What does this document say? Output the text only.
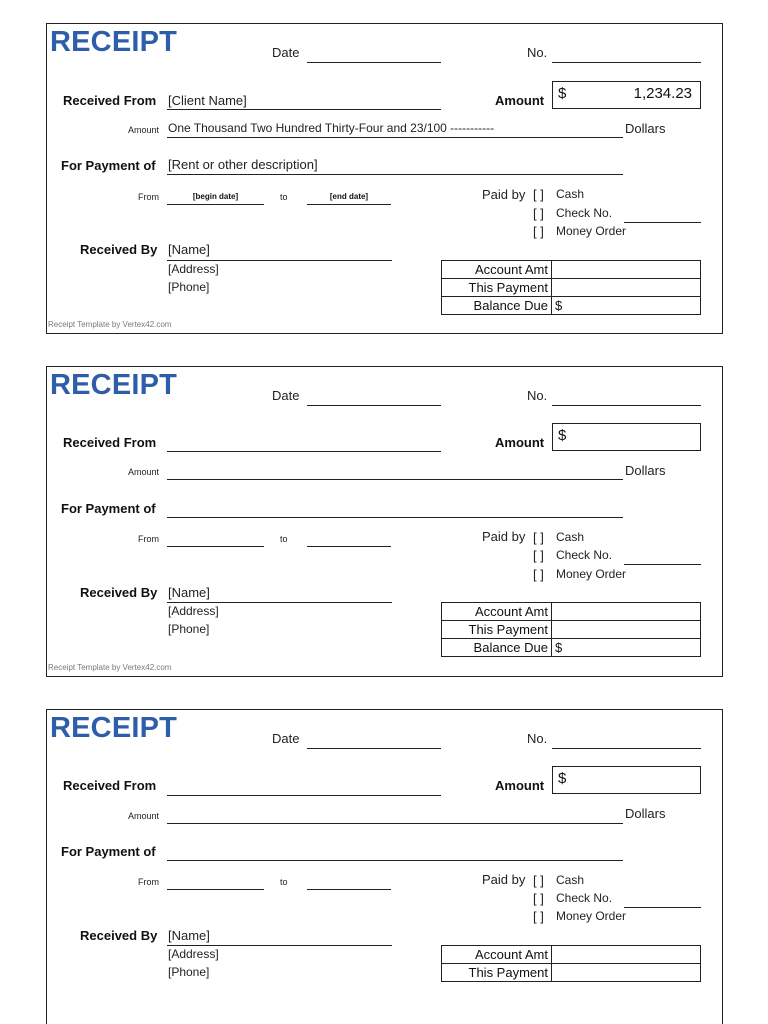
RECEIPT	Date	No.
Received From [Client Name]	Amount $	1,234.23
Amount One Thousand Two Hundred Thirty-Four and 23/100 -----------	Dollars
For Payment of [Rent or other description]
From	[begin date]	to	[end date]	Paid by [ ] Cash
[ ] Check No.
[ ] Money Order
Received By [Name]
[Address]
[Phone]
Account Amt	
This Payment	
Balance Due	$
Receipt Template by Vertex42.com
RECEIPT	Date	No.
Received From	Amount $
Amount	Dollars
For Payment of
From	to	Paid by [ ] Cash
[ ] Check No.
[ ] Money Order
Received By [Name]
[Address]
[Phone]
Account Amt	
This Payment	
Balance Due	$
Receipt Template by Vertex42.com
RECEIPT	Date	No.
Received From	Amount $
Amount	Dollars
For Payment of
From	to	Paid by [ ] Cash
[ ] Check No.
[ ] Money Order
Received By [Name]
[Address]
[Phone]
Account Amt	
This Payment	
